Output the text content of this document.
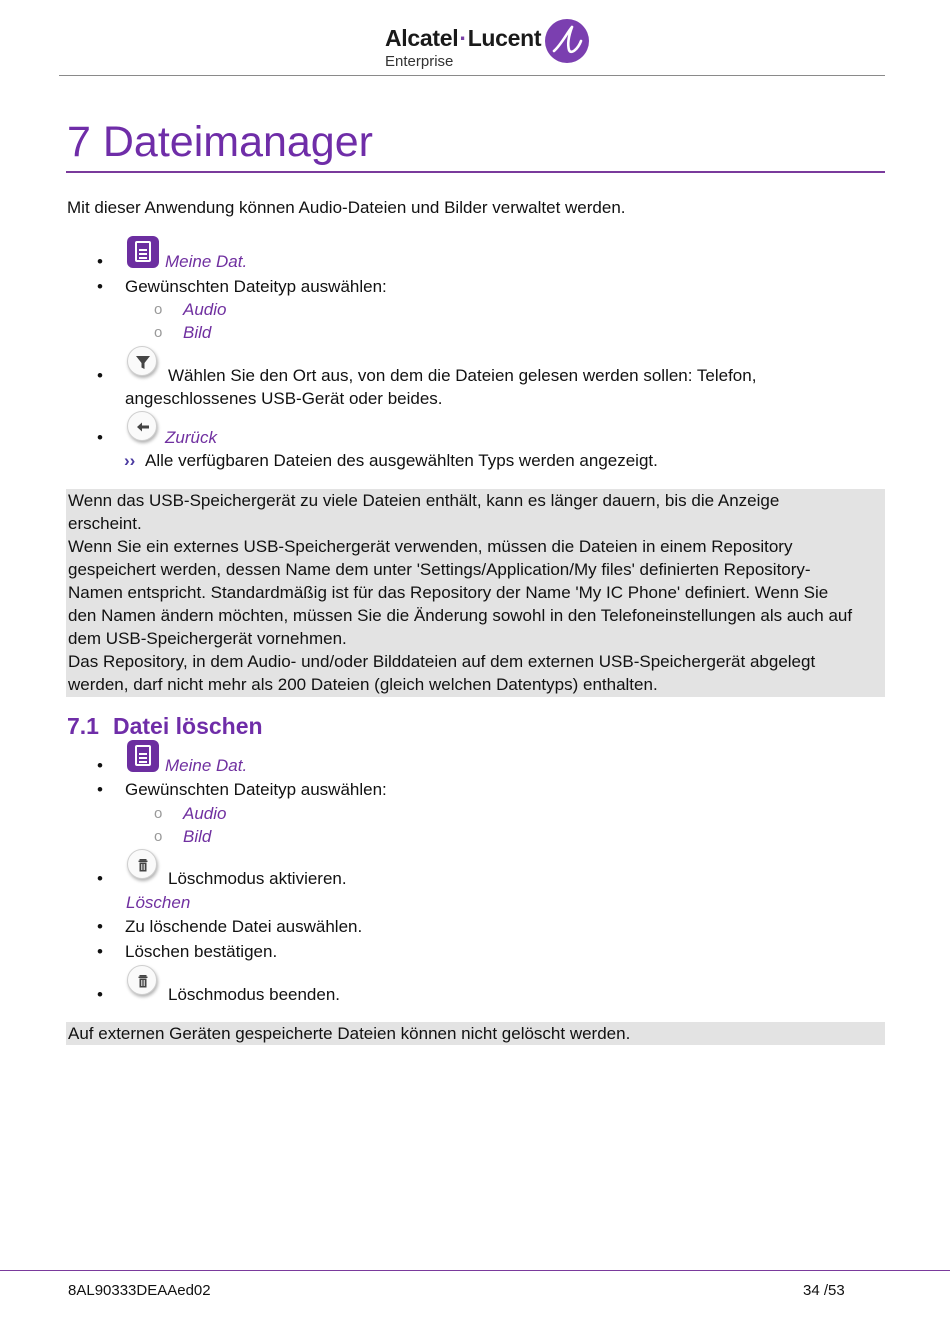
Alcatel·Lucent
Enterprise
7 Dateimanager
Mit dieser Anwendung können Audio-Dateien und Bilder verwaltet werden.
•	Meine Dat.
• Gewünschten Dateityp auswählen:
o Audio
o Bild
•	Wählen Sie den Ort aus, von dem die Dateien gelesen werden sollen: Telefon,
angeschlossenes USB-Gerät oder beides.
•	Zurück
›› Alle verfügbaren Dateien des ausgewählten Typs werden angezeigt.
Wenn das USB-Speichergerät zu viele Dateien enthält, kann es länger dauern, bis die Anzeige
erscheint.
Wenn Sie ein externes USB-Speichergerät verwenden, müssen die Dateien in einem Repository
gespeichert werden, dessen Name dem unter 'Settings/Application/My files' definierten Repository-
Namen entspricht. Standardmäßig ist für das Repository der Name 'My IC Phone' definiert. Wenn Sie
den Namen ändern möchten, müssen Sie die Änderung sowohl in den Telefoneinstellungen als auch auf
dem USB-Speichergerät vornehmen.
Das Repository, in dem Audio- und/oder Bilddateien auf dem externen USB-Speichergerät abgelegt
werden, darf nicht mehr als 200 Dateien (gleich welchen Datentyps) enthalten.
7.1 Datei löschen
•	Meine Dat.
• Gewünschten Dateityp auswählen:
o Audio
o Bild
•	Löschmodus aktivieren.
Löschen
• Zu löschende Datei auswählen.
• Löschen bestätigen.
•	Löschmodus beenden.
Auf externen Geräten gespeicherte Dateien können nicht gelöscht werden.
8AL90333DEAAed02	34 /53
